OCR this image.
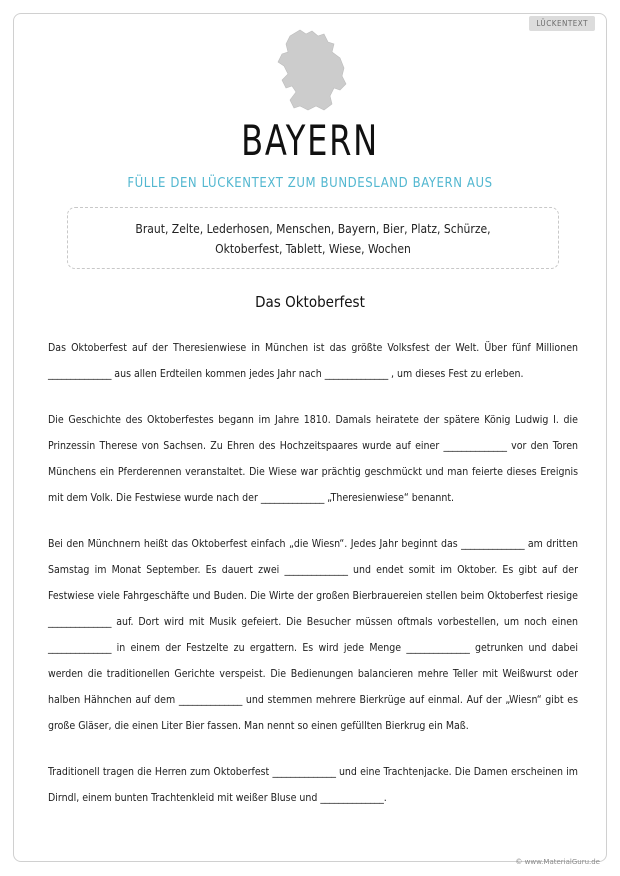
LÜCKENTEXT
BAYERN
FÜLLE DEN LÜCKENTEXT ZUM BUNDESLAND BAYERN AUS
Braut, Zelte, Lederhosen, Menschen, Bayern, Bier, Platz, Schürze,
Oktoberfest, Tablett, Wiese, Wochen
Das Oktoberfest

Das Oktoberfest auf der Theresienwiese in München ist das größte Volksfest der Welt. Über fünf Millionen ______________ aus allen Erdteilen kommen jedes Jahr nach ______________ , um dieses Fest zu erleben.

Die Geschichte des Oktoberfestes begann im Jahre 1810. Damals heiratete der spätere König Ludwig I. die Prinzessin Therese von Sachsen. Zu Ehren des Hochzeitspaares wurde auf einer ______________ vor den Toren Münchens ein Pferderennen veranstaltet. Die Wiese war prächtig geschmückt und man feierte dieses Ereignis mit dem Volk. Die Festwiese wurde nach der ______________ „Theresienwiese“ benannt.

Bei den Münchnern heißt das Oktoberfest einfach „die Wiesn“. Jedes Jahr beginnt das ______________ am dritten Samstag im Monat September. Es dauert zwei ______________ und endet somit im Oktober. Es gibt auf der Festwiese viele Fahrgeschäfte und Buden. Die Wirte der großen Bierbrauereien stellen beim Oktoberfest riesige ______________ auf. Dort wird mit Musik gefeiert. Die Besucher müssen oftmals vorbestellen, um noch einen ______________ in einem der Festzelte zu ergattern. Es wird jede Menge ______________ getrunken und dabei werden die traditionellen Gerichte verspeist. Die Bedienungen balancieren mehre Teller mit Weißwurst oder halben Hähnchen auf dem ______________ und stemmen mehrere Bierkrüge auf einmal. Auf der „Wiesn“ gibt es große Gläser, die einen Liter Bier fassen. Man nennt so einen gefüllten Bierkrug ein Maß.

Traditionell tragen die Herren zum Oktoberfest ______________ und eine Trachtenjacke. Die Damen erscheinen im Dirndl, einem bunten Trachtenkleid mit weißer Bluse und ______________.

© www.MaterialGuru.de
